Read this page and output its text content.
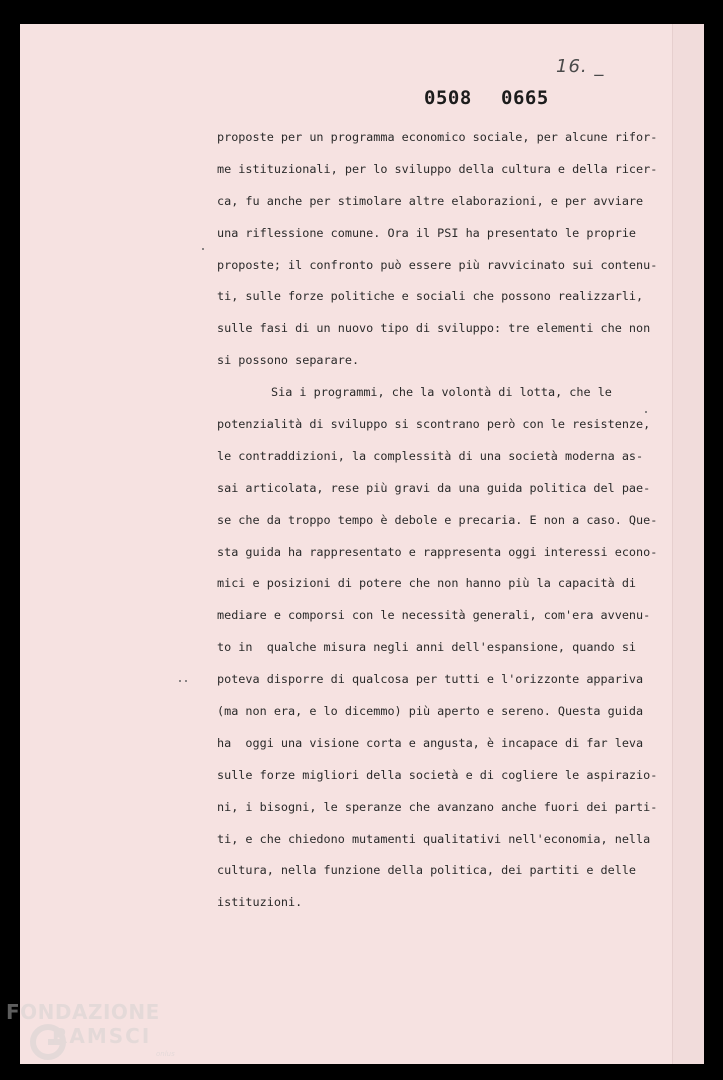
16. _
0508 0665
proposte per un programma economico sociale, per alcune rifor-
me istituzionali, per lo sviluppo della cultura e della ricer-
ca, fu anche per stimolare altre elaborazioni, e per avviare
una riflessione comune. Ora il PSI ha presentato le proprie
proposte; il confronto può essere più ravvicinato sui contenu-
ti, sulle forze politiche e sociali che possono realizzarli,
sulle fasi di un nuovo tipo di sviluppo: tre elementi che non
si possono separare.
Sia i programmi, che la volontà di lotta, che le
potenzialità di sviluppo si scontrano però con le resistenze,
le contraddizioni, la complessità di una società moderna as-
sai articolata, rese più gravi da una guida politica del pae-
se che da troppo tempo è debole e precaria. E non a caso. Que-
sta guida ha rappresentato e rappresenta oggi interessi econo-
mici e posizioni di potere che non hanno più la capacità di
mediare e comporsi con le necessità generali, com'era avvenu-
to in  qualche misura negli anni dell'espansione, quando si
poteva disporre di qualcosa per tutti e l'orizzonte appariva
(ma non era, e lo dicemmo) più aperto e sereno. Questa guida
ha  oggi una visione corta e angusta, è incapace di far leva
sulle forze migliori della società e di cogliere le aspirazio-
ni, i bisogni, le speranze che avanzano anche fuori dei parti-
ti, e che chiedono mutamenti qualitativi nell'economia, nella
cultura, nella funzione della politica, dei partiti e delle
istituzioni.
FONDAZIONE
RAMSCI
onlus
